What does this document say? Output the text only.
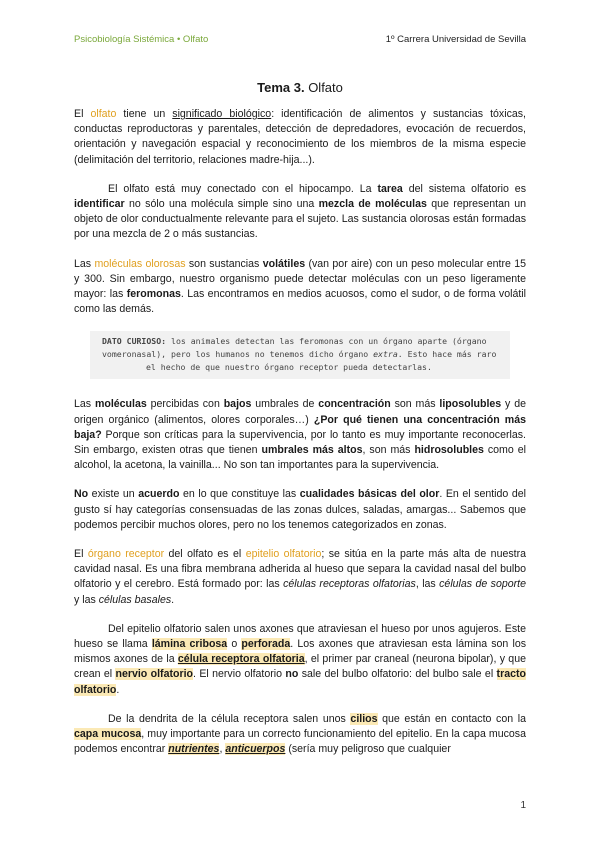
Psicobiología Sistémica • Olfato	1º Carrera Universidad de Sevilla
Tema 3. Olfato

El olfato tiene un significado biológico: identificación de alimentos y sustancias tóxicas, conductas reproductoras y parentales, detección de depredadores, evocación de recuerdos, orientación y navegación espacial y reconocimiento de los miembros de la misma especie (delimitación del territorio, relaciones madre-hija...).

El olfato está muy conectado con el hipocampo. La tarea del sistema olfatorio es identificar no sólo una molécula simple sino una mezcla de moléculas que representan un objeto de olor conductualmente relevante para el sujeto. Las sustancia olorosas están formadas por una mezcla de 2 o más sustancias.

Las moléculas olorosas son sustancias volátiles (van por aire) con un peso molecular entre 15 y 300. Sin embargo, nuestro organismo puede detectar moléculas con un peso ligeramente mayor: las feromonas. Las encontramos en medios acuosos, como el sudor, o de forma volátil como las demás.

DATO CURIOSO: los animales detectan las feromonas con un órgano aparte (órgano
vomeronasal), pero los humanos no tenemos dicho órgano extra. Esto hace más raro
el hecho de que nuestro órgano receptor pueda detectarlas.

Las moléculas percibidas con bajos umbrales de concentración son más liposolubles y de origen orgánico (alimentos, olores corporales…) ¿Por qué tienen una concentración más baja? Porque son críticas para la supervivencia, por lo tanto es muy importante reconocerlas. Sin embargo, existen otras que tienen umbrales más altos, son más hidrosolubles como el alcohol, la acetona, la vainilla... No son tan importantes para la supervivencia.

No existe un acuerdo en lo que constituye las cualidades básicas del olor. En el sentido del gusto sí hay categorías consensuadas de las zonas dulces, saladas, amargas... Sabemos que podemos percibir muchos olores, pero no los tenemos categorizados en zonas.

El órgano receptor del olfato es el epitelio olfatorio; se sitúa en la parte más alta de nuestra cavidad nasal. Es una fibra membrana adherida al hueso que separa la cavidad nasal del bulbo olfatorio y el cerebro. Está formado por: las células receptoras olfatorias, las células de soporte y las células basales.

Del epitelio olfatorio salen unos axones que atraviesan el hueso por unos agujeros. Este hueso se llama lámina cribosa o perforada. Los axones que atraviesan esta lámina son los mismos axones de la célula receptora olfatoria, el primer par craneal (neurona bipolar), y que crean el nervio olfatorio. El nervio olfatorio no sale del bulbo olfatorio: del bulbo sale el tracto olfatorio.

De la dendrita de la célula receptora salen unos cilios que están en contacto con la capa mucosa, muy importante para un correcto funcionamiento del epitelio. En la capa mucosa podemos encontrar nutrientes, anticuerpos (sería muy peligroso que cualquier

1
